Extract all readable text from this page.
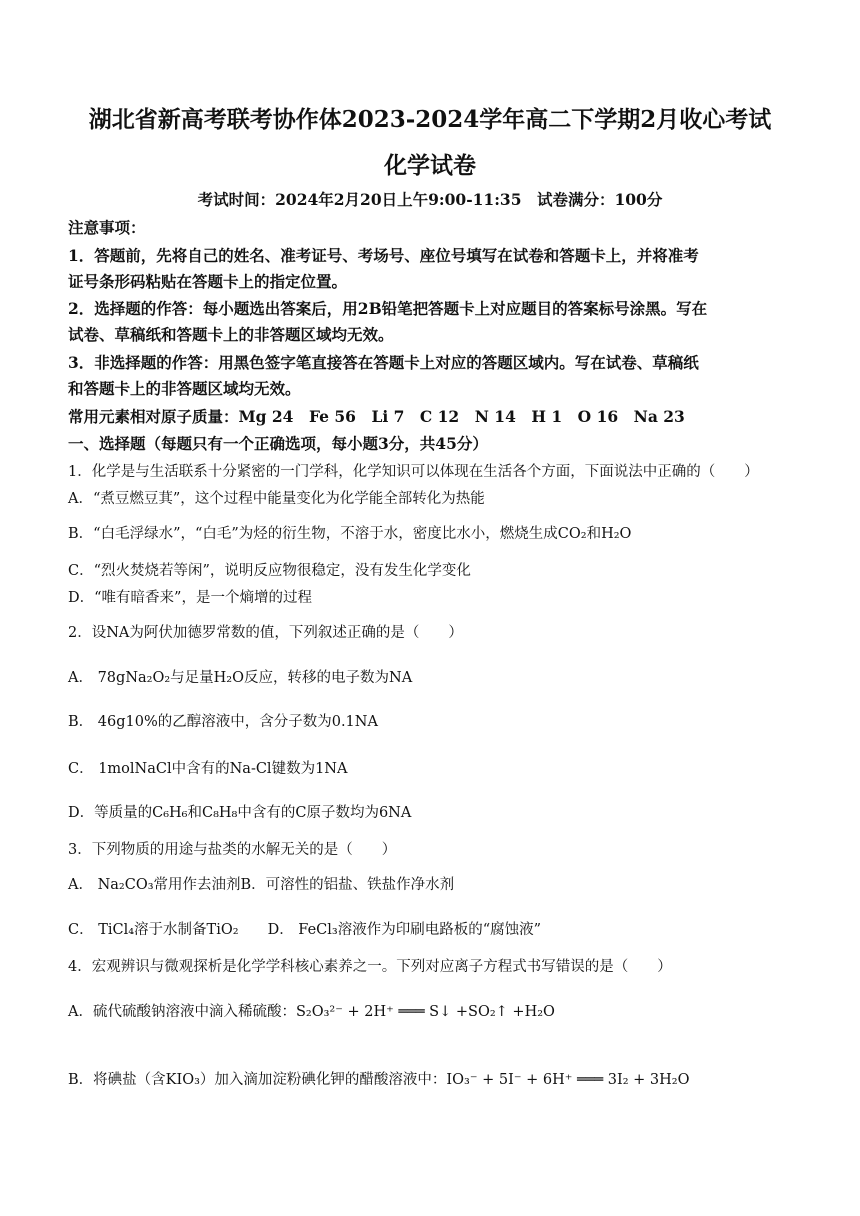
湖北省新高考联考协作体2023-2024学年高二下学期2月收心考试
化学试卷
考试时间：2024年2月20日上午9:00-11:35　试卷满分：100分
注意事项：
1．答题前，先将自己的姓名、准考证号、考场号、座位号填写在试卷和答题卡上，并将准考
证号条形码粘贴在答题卡上的指定位置。
2．选择题的作答：每小题选出答案后，用2B铅笔把答题卡上对应题目的答案标号涂黑。写在
试卷、草稿纸和答题卡上的非答题区域均无效。
3．非选择题的作答：用黑色签字笔直接答在答题卡上对应的答题区域内。写在试卷、草稿纸
和答题卡上的非答题区域均无效。
常用元素相对原子质量：Mg 24　Fe 56　Li 7　C 12　N 14　H 1　O 16　Na 23
一、选择题（每题只有一个正确选项，每小题3分，共45分）
1．化学是与生活联系十分紧密的一门学科，化学知识可以体现在生活各个方面，下面说法中正确的（　　）
A．“煮豆燃豆萁”，这个过程中能量变化为化学能全部转化为热能
B．“白毛浮绿水”，“白毛”为烃的衍生物，不溶于水，密度比水小，燃烧生成CO₂和H₂O
C．“烈火焚烧若等闲”，说明反应物很稳定，没有发生化学变化
D．“唯有暗香来”，是一个熵增的过程
2．设NA为阿伏加德罗常数的值，下列叙述正确的是（　　）
A． 78gNa₂O₂与足量H₂O反应，转移的电子数为NA
B． 46g10%的乙醇溶液中，含分子数为0.1NA
C． 1molNaCl中含有的Na-Cl键数为1NA
D．等质量的C₆H₆和C₈H₈中含有的C原子数均为6NA
3．下列物质的用途与盐类的水解无关的是（　　）
A． Na₂CO₃常用作去油剂B．可溶性的铝盐、铁盐作净水剂
C． TiCl₄溶于水制备TiO₂　　D． FeCl₃溶液作为印刷电路板的“腐蚀液”
4．宏观辨识与微观探析是化学学科核心素养之一。下列对应离子方程式书写错误的是（　　）
A．硫代硫酸钠溶液中滴入稀硫酸：S₂O₃²⁻ + 2H⁺ ═══ S↓ +SO₂↑ +H₂O
B．将碘盐（含KIO₃）加入滴加淀粉碘化钾的醋酸溶液中：IO₃⁻ + 5I⁻ + 6H⁺ ═══ 3I₂ + 3H₂O
